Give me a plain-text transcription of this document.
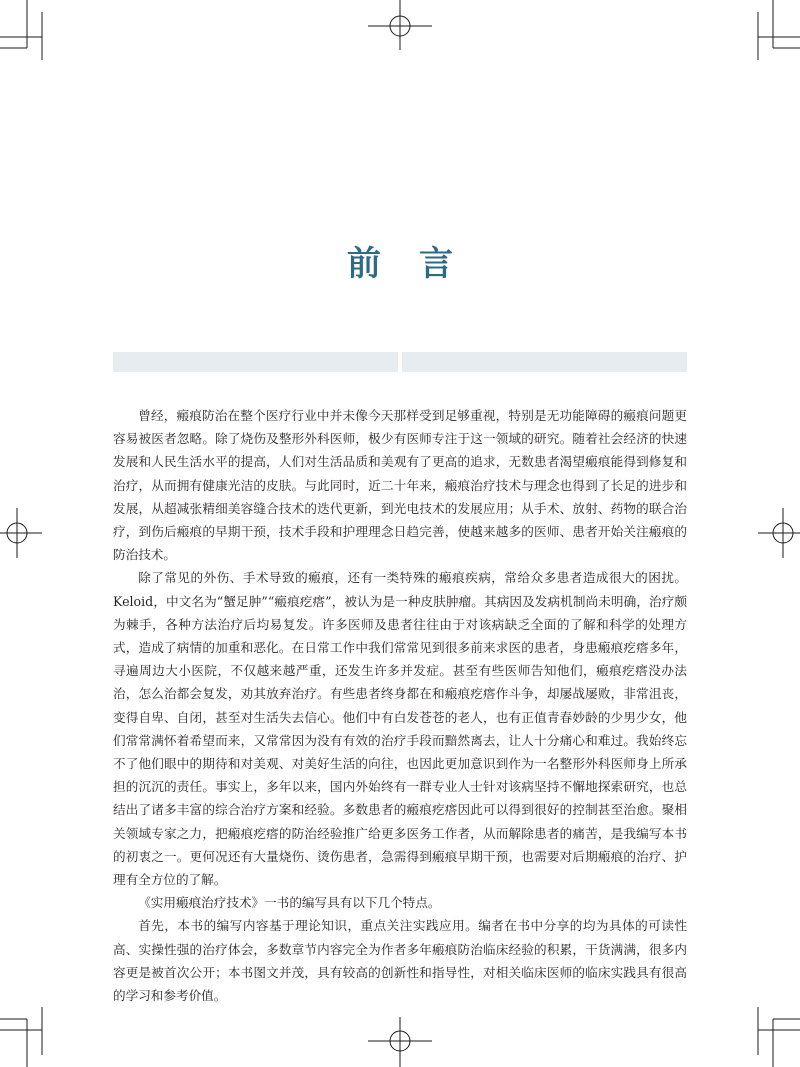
前言

曾经，瘢痕防治在整个医疗行业中并未像今天那样受到足够重视，特别是无功能障碍的瘢痕问题更容易被医者忽略。除了烧伤及整形外科医师，极少有医师专注于这一领域的研究。随着社会经济的快速发展和人民生活水平的提高，人们对生活品质和美观有了更高的追求，无数患者渴望瘢痕能得到修复和治疗，从而拥有健康光洁的皮肤。与此同时，近二十年来，瘢痕治疗技术与理念也得到了长足的进步和发展，从超减张精细美容缝合技术的迭代更新，到光电技术的发展应用；从手术、放射、药物的联合治疗，到伤后瘢痕的早期干预，技术手段和护理理念日趋完善，使越来越多的医师、患者开始关注瘢痕的防治技术。

除了常见的外伤、手术导致的瘢痕，还有一类特殊的瘢痕疾病，常给众多患者造成很大的困扰。Keloid，中文名为“蟹足肿”“瘢痕疙瘩”，被认为是一种皮肤肿瘤。其病因及发病机制尚未明确，治疗颇为棘手，各种方法治疗后均易复发。许多医师及患者往往由于对该病缺乏全面的了解和科学的处理方式，造成了病情的加重和恶化。在日常工作中我们常常见到很多前来求医的患者，身患瘢痕疙瘩多年，寻遍周边大小医院，不仅越来越严重，还发生许多并发症。甚至有些医师告知他们，瘢痕疙瘩没办法治，怎么治都会复发，劝其放弃治疗。有些患者终身都在和瘢痕疙瘩作斗争，却屡战屡败，非常沮丧，变得自卑、自闭，甚至对生活失去信心。他们中有白发苍苍的老人，也有正值青春妙龄的少男少女，他们常常满怀着希望而来，又常常因为没有有效的治疗手段而黯然离去，让人十分痛心和难过。我始终忘不了他们眼中的期待和对美观、对美好生活的向往，也因此更加意识到作为一名整形外科医师身上所承担的沉沉的责任。事实上，多年以来，国内外始终有一群专业人士针对该病坚持不懈地探索研究，也总结出了诸多丰富的综合治疗方案和经验。多数患者的瘢痕疙瘩因此可以得到很好的控制甚至治愈。聚相关领域专家之力，把瘢痕疙瘩的防治经验推广给更多医务工作者，从而解除患者的痛苦，是我编写本书的初衷之一。更何况还有大量烧伤、烫伤患者，急需得到瘢痕早期干预，也需要对后期瘢痕的治疗、护理有全方位的了解。

《实用瘢痕治疗技术》一书的编写具有以下几个特点。

首先，本书的编写内容基于理论知识，重点关注实践应用。编者在书中分享的均为具体的可读性高、实操性强的治疗体会，多数章节内容完全为作者多年瘢痕防治临床经验的积累，干货满满，很多内容更是被首次公开；本书图文并茂，具有较高的创新性和指导性，对相关临床医师的临床实践具有很高的学习和参考价值。
